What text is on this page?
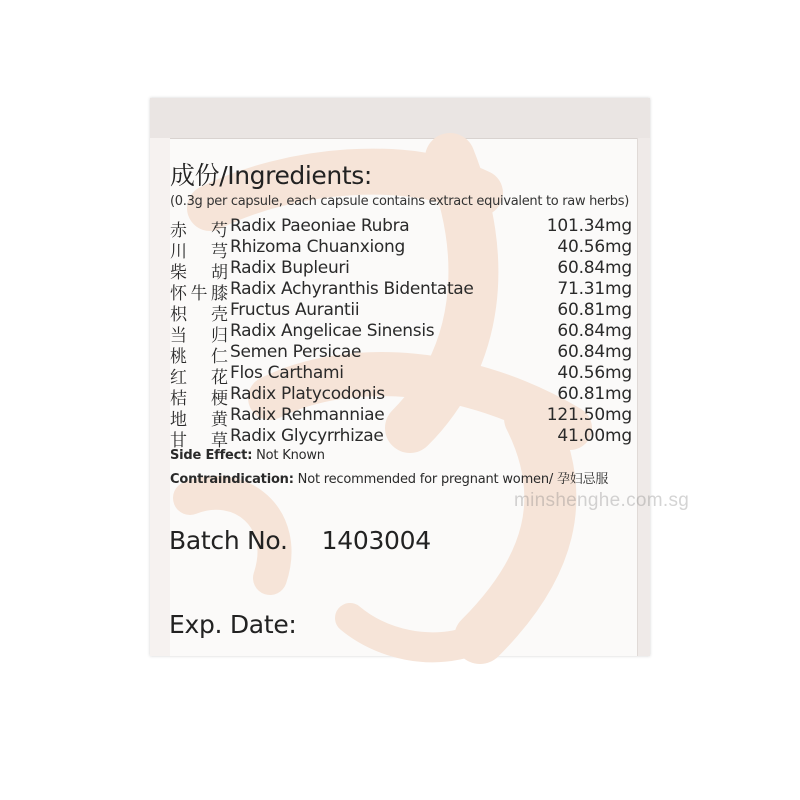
成份/Ingredients:
(0.3g per capsule, each capsule contains extract equivalent to raw herbs)
赤芍 Radix Paeoniae Rubra	101.34mg
川芎 Rhizoma Chuanxiong	40.56mg
柴胡 Radix Bupleuri	60.84mg
怀牛膝 Radix Achyranthis Bidentatae	71.31mg
枳壳 Fructus Aurantii	60.81mg
当归 Radix Angelicae Sinensis	60.84mg
桃仁 Semen Persicae	60.84mg
红花 Flos Carthami	40.56mg
桔梗 Radix Platycodonis	60.81mg
地黄 Radix Rehmanniae	121.50mg
甘草 Radix Glycyrrhizae	41.00mg
Side Effect: Not Known
Contraindication: Not recommended for pregnant women/ 孕妇忌服
Batch No. 1403004
Exp. Date:
minshenghe.com.sg
